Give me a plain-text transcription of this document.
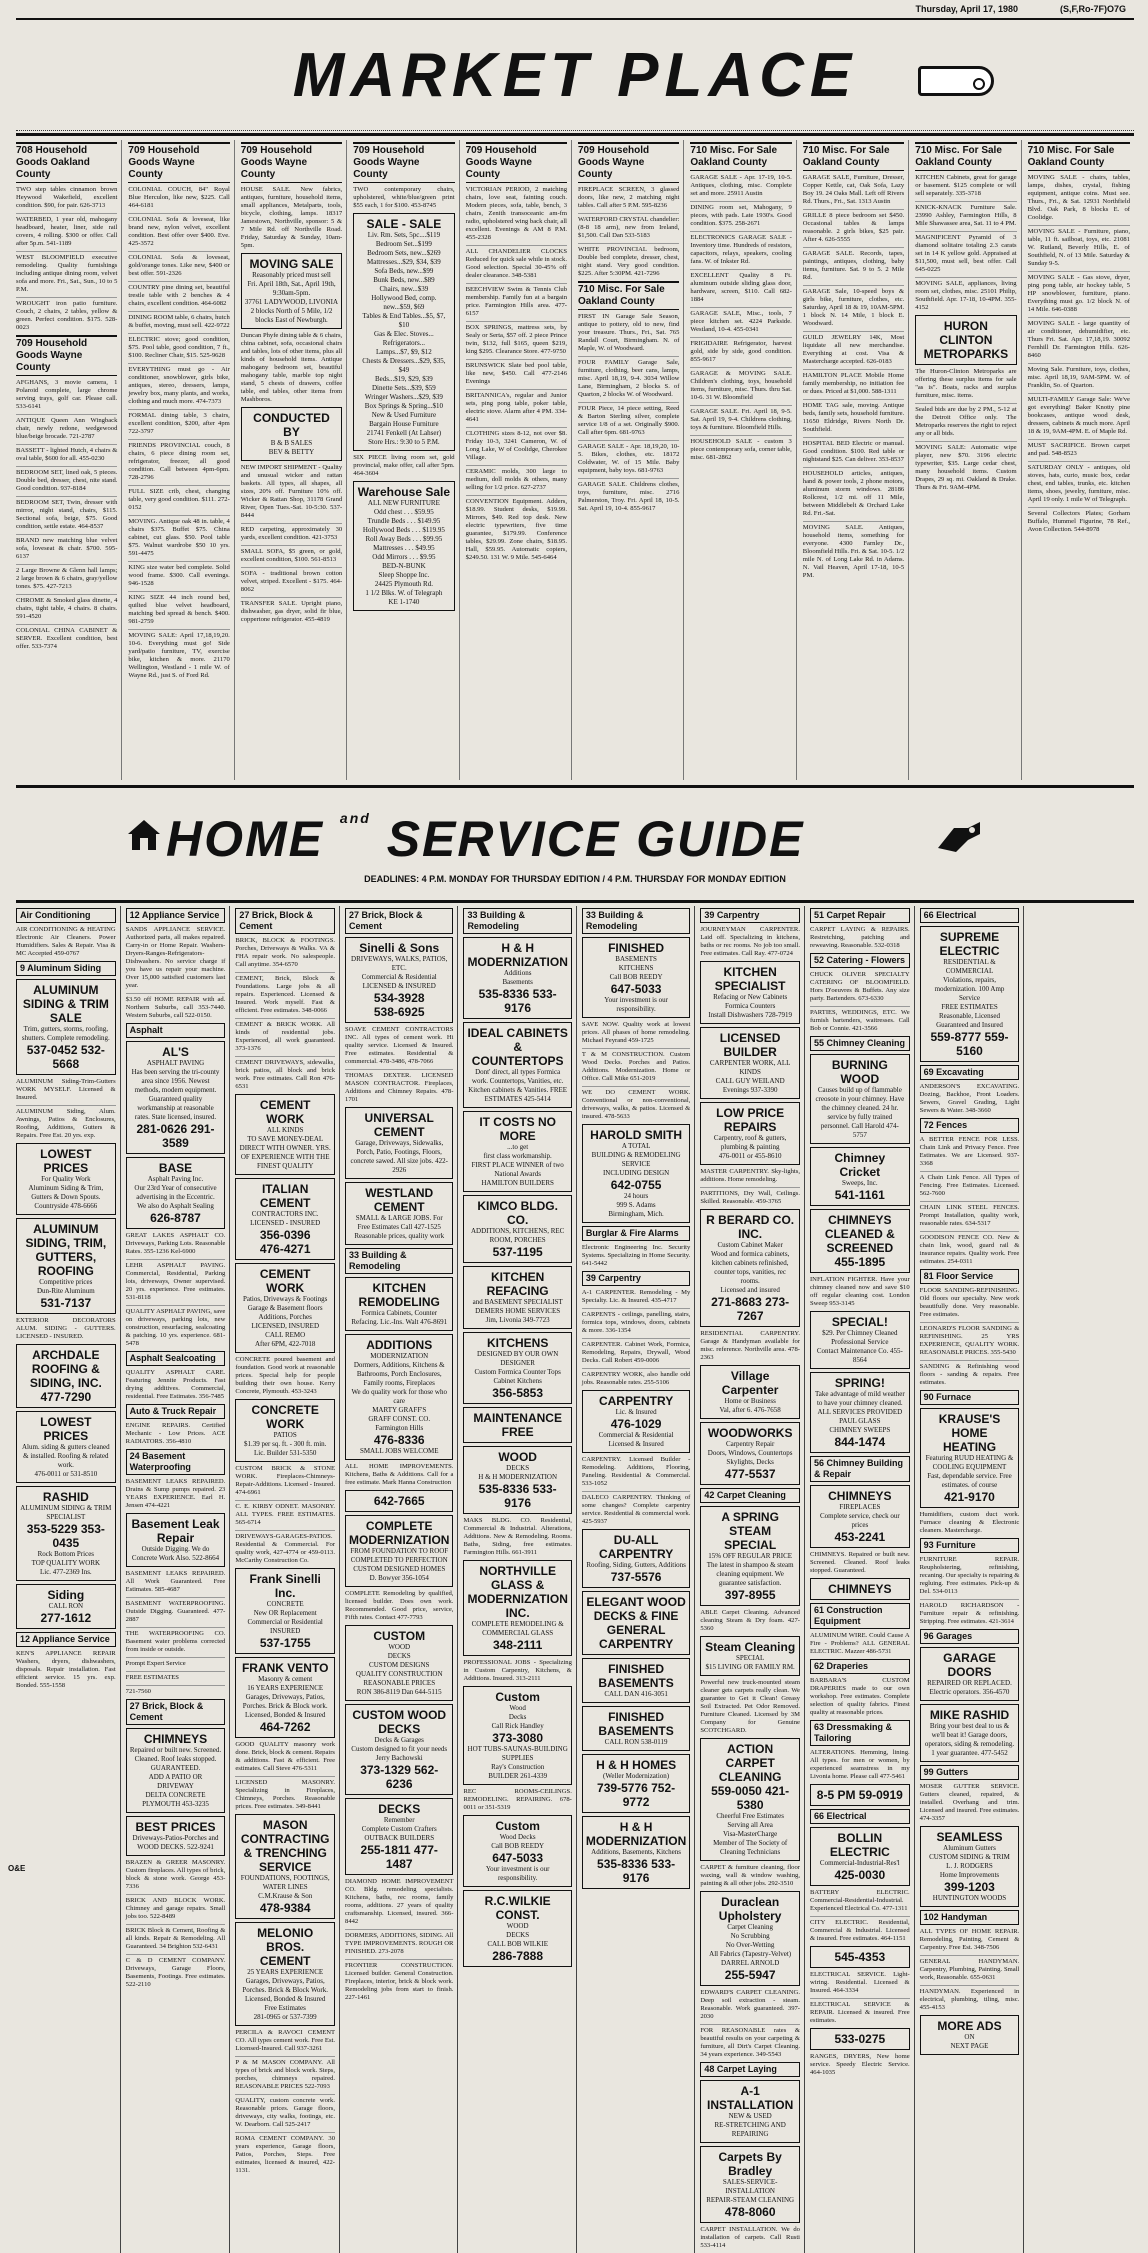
Thursday, April 17, 1980	(S,F,Ro-7F)O7G
MARKET PLACE
708 Household Goods Oakland County
TWO step tables cinnamon brown Heywood Wakefield, excellent condition. $90, for pair. 626-3713
WATERBED, 1 year old, mahogany headboard, heater, liner, side rail covers, 4 rolling. $300 or offer. Call after 5p.m. 541-1189
WEST BLOOMFIELD executive remodeling. Quality furnishings including antique dining room, velvet sofa and more. Fri., Sat., Sun., 10 to 5 P.M.
WROUGHT iron patio furniture. Couch, 2 chairs, 2 tables, yellow & green. Perfect condition. $175. 528-0023
709 Household Goods Wayne County
AFGHANS, 3 movie camera, 1 Polaroid complete, large chrome serving trays, golf car. Please call. 533-6141
ANTIQUE Queen Ann Wingback chair, newly redone, wedgewood blue/beige brocade. 721-2787
BASSETT - lighted Hutch, 4 chairs & oval table, $600 for all. 455-0230
BEDROOM SET, lined oak, 5 pieces. Double bed, dresser, chest, nite stand. Good condition. 937-8184
BEDROOM SET, Twin, dresser with mirror, night stand, chairs, $115. Sectional sofa, beige, $75. Good condition, settle estate. 464-8537
BRAND new matching blue velvet sofa, loveseat & chair. $700. 595-6137
2 Large Browne & Glenn hall lamps; 2 large brown & 6 chairs, gray/yellow tones. $75. 427-7213
CHROME & Smoked glass dinette, 4 chairs, tight table, 4 chairs. 8 chairs. 591-4520
COLONIAL CHINA CABINET & SERVER. Excellent condition, best offer. 533-7374
709 Household Goods Wayne County
COLONIAL COUCH, 84" Royal Blue Herculon, like new, $225. Call 464-6181
COLONIAL Sofa & loveseat, like brand new, nylon velvet, excellent condition. Best offer over $400. Eve. 425-3572
COLONIAL Sofa & loveseat, gold/orange tones. Like new, $400 or best offer. 591-2326
COUNTRY pine dining set, beautiful trestle table with 2 benches & 4 chairs, excellent condition. 464-6082
DINING ROOM table, 6 chairs, hutch & buffet, moving, must sell. 422-9722
ELECTRIC stove; good condition, $75. Pool table, good condition, 7 ft., $100. Recliner Chair, $15. 525-9628
EVERYTHING must go - Air conditioner, snowblower, girls bike, antiques, stereo, dressers, lamps, jewelry box, many plants, and works, clothing and much more. 474-7373
FORMAL dining table, 3 chairs, excellent condition, $200, after 4pm 722-3797
FRIENDS PROVINCIAL couch, 8 chairs, 6 piece dining room set, refrigerator, freezer, all good condition. Call between 4pm-6pm. 728-2796
FULL SIZE crib, chest, changing table, very good condition. $111. 272-0152
MOVING. Antique oak 48 in. table, 4 chairs $375. Buffet $75. China cabinet, cut glass. $50. Pool table $75. Walnut wardrobe $50 10 yrs. 591-4475
KING size water bed complete. Solid wood frame. $300. Call evenings. 946-1528
KING SIZE 44 inch round bed, quilted blue velvet headboard, matching bed spread & bench. $400. 981-2759
MOVING SALE: April 17,18,19,20. 10-6. Everything must go! Side yard/patio furniture, TV, exercise bike, kitchen & more. 21170 Wellington, Westland - 1 mile W. of Wayne Rd., just S. of Ford Rd.
709 Household Goods Wayne County
HOUSE SALE. New fabrics, antiques, furniture, household items, small appliances, Metalparts, tools, bicycle, clothing, lamps. 18317 Jamestown, Northville, sponsor: 5 & 7 Mile Rd. off Northville Road. Friday, Saturday & Sunday, 10am-5pm.
MOVING SALE
Reasonably priced must sell
Fri. April 18th, Sat., April 19th, 9:30am-5pm.
37761 LADYWOOD, LIVONIA
2 blocks North of 5 Mile, 1/2 blocks East of Newburgh.
Duncan Phyfe dining table & 6 chairs, china cabinet, sofa, occasional chairs and tables, lots of other items, plus all kinds of household items. Antique mahogany bedroom set, beautiful mahogany table, marble top night stand, 5 chests of drawers, coffee table, end tables, other items from Mashboros.
CONDUCTED BY
B & B SALES
BEV & BETTY
NEW IMPORT SHIPMENT - Quality and unusual wicker and rattan baskets. All types, all shapes, all sizes, 20% off. Furniture 10% off. Wicker & Rattan Shop, 31178 Grand River, Open Tues.-Sat. 10-5:30. 537-8444
RED carpeting, approximately 30 yards, excellent condition. 421-3753
SMALL SOFA, $5 green, or gold, excellent condition, $100. 561-8513
SOFA - traditional brown cotton velvet, striped. Excellent - $175. 464-8062
TRANSFER SALE. Upright piano, dishwasher, gas dryer, solid fir blue, coppertone refrigerator. 455-4819
709 Household Goods Wayne County
TWO contemporary chairs, upholstered, white/blue/green print $55 each, 1 for $100. 453-8745
SALE - SALE
Liv. Rm. Sets, 5pc....$119
Bedroom Set...$199
Bedroom Sets, new...$269
Mattresses...$29, $34, $39
Sofa Beds, new...$99
Bunk Beds, new...$89
Chairs, new...$39
Hollywood Bed, comp. new...$59, $69
Tables & End Tables...$5, $7, $10
Gas & Elec. Stoves...
Refrigerators...
Lamps...$7, $9, $12
Chests & Dressers...$29, $35, $49
Beds...$19, $29, $39
Dinette Sets...$39, $59
Wringer Washers...$29, $39
Box Springs & Spring...$10
New & Used Furniture
Bargain House Furniture
21741 Fenkell (At Lahser)
Store Hrs.: 9:30 to 5 P.M.
SIX PIECE living room set, gold provincial, make offer, call after 5pm. 464-3604
Warehouse Sale
ALL NEW FURNITURE
Odd chest . . . $59.95
Trundle Beds . . . $149.95
Hollywood Beds . . . $119.95
Roll Away Beds . . . $99.95
Mattresses . . . $49.95
Odd Mirrors . . . $9.95
BED-N-BUNK
Sleep Shoppe Inc.
24425 Plymouth Rd.
1 1/2 Blks. W. of Telegraph
KE 1-1740
709 Household Goods Wayne County
VICTORIAN PERIOD, 2 matching chairs, love seat, fainting couch. Modern pieces, sofa, table, bench, 3 chairs, Zenith transoceanic am-fm radio, upholstered wing back chair, all excellent. Evenings & AM 8 P.M. 455-2328
ALL CHANDELIER CLOCKS Reduced for quick sale while in stock. Good selection. Special 30-45% off dealer clearance. 348-5381
BEECHVIEW Swim & Tennis Club membership. Family fun at a bargain price. Farmington Hills area. 477-6157
BOX SPRINGS, mattress sets, by Sealy or Serta, $57 off. 2 piece Prince twin, $132, full $165, queen $219, king $295. Clearance Store. 477-9750
BRUNSWICK Slate bed pool table, like new, $450. Call 477-2146 Evenings
BRITANNICA's, regular and Junior sets, ping pong table, poker table, electric stove. Alarm after 4 PM. 334-4641
CLOTHING sizes 8-12, not over $8. Friday 10-3, 3241 Cameron, W. of Long Lake, W of Coolidge, Cherokee Village.
CERAMIC molds, 300 large to medium, doll molds & others, many selling for 1/2 price. 627-2737
CONVENTION Equipment. Adders, $18.99. Student desks, $19.99. Mirrors, $49. Red top desk. New electric typewriters, five time guarantee, $179.99. Conference tables, $29.99. Zone chairs, $18.95. Hall, $59.95. Automatic copiers, $249.50. 131 W. 9 Mile. 545-6464
709 Household Goods Wayne County
FIREPLACE SCREEN, 3 glassed doors, like new, 2 matching night tables. Call after 5 P.M. 595-8236
WATERFORD CRYSTAL chandelier: (8-8 18 arm), new from Ireland, $1,500. Call Dan 533-5183
WHITE PROVINCIAL bedroom, Double bed complete, dresser, chest, night stand. Very good condition. $225. After 5:30PM. 421-7296
710 Misc. For Sale Oakland County
FIRST IN Garage Sale Season, antique to pottery, old to new, find your treasure. Thurs., Fri., Sat. 765 Randall Court, Birmingham. N. of Maple, W. of Woodward.
FOUR FAMILY Garage Sale, furniture, clothing, beer cans, lamps, misc. April 18,19, 9-4. 3034 Willow Lane, Birmingham, 2 blocks S. of Quarton, 2 blocks W. of Woodward.
FOUR Piece, 14 piece setting, Reed & Barton Sterling silver, complete service 1/8 of a set. Originally $900. Call after 6pm. 681-9763
GARAGE SALE - Apr. 18,19,20, 10-5. Bikes, clothes, etc. 18172 Coldwater, W. of 15 Mile. Baby equipment, baby toys. 681-9763
GARAGE SALE. Childrens clothes, toys, furniture, misc. 2716 Palmerston, Troy. Fri. April 18, 10-5. Sat. April 19, 10-4. 855-9617
710 Misc. For Sale Oakland County
GARAGE SALE - Apr. 17-19, 10-5. Antiques, clothing, misc. Complete set and more. 25911 Austin
DINING room set, Mahogany, 9 pieces, with pads. Late 1930's. Good condition. $375. 258-2671
ELECTRONICS GARAGE SALE - Inventory time. Hundreds of resistors, capacitors, relays, speakers, cooling fans. W. of Inkster Rd.
EXCELLENT Quality 8 Ft. aluminum outside sliding glass door, hardware, screen, $110. Call 682-1884
GARAGE SALE, Misc., tools, 7 piece kitchen set. 4224 Parkside. Westland, 10-4. 455-0341
FRIGIDAIRE Refrigerator, harvest gold, side by side, good condition. 855-9617
GARAGE & MOVING SALE. Children's clothing, toys, household items, furniture, misc. Thurs. thru Sat. 10-6. 31 W. Bloomfield
GARAGE SALE. Fri. April 18, 9-5. Sat. April 19, 9-4. Childrens clothing, toys & furniture. Bloomfield Hills.
HOUSEHOLD SALE - custom 3 piece contemporary sofa, corner table, misc. 681-2862
710 Misc. For Sale Oakland County
GARAGE SALE, Furniture, Dresser, Copper Kettle, cat, Oak Sofa, Lazy Boy 19. 24 Oaks Mall. Left off Rivers Rd. Thurs., Fri., Sat. 1313 Austin
GRILLE 8 piece bedroom set $450. Occasional tables & lamps reasonable. 2 girls bikes, $25 pair. After 4. 626-5555
GARAGE SALE. Records, tapes, paintings, antiques, clothing, baby items, furniture. Sat. 9 to 5. 2 Mile Rd.
GARAGE Sale, 10-speed boys & girls bike, furniture, clothes, etc. Saturday, April 18 & 19, 10AM-5PM. 1 block N. 14 Mile, 1 block E. Woodward.
GUILD JEWELRY 14K, Most liquidate all new merchandise. Everything at cost. Visa & Mastercharge accepted. 626-0183
HAMILTON PLACE Mobile Home family membership, no initiation fee or dues. Priced at $1,000. 588-1311
HOME TAG sale, moving. Antique beds, family sets, household furniture. 11650 Eldridge, Rivers North Dr. Southfield.
HOSPITAL BED Electric or manual. Good condition. $100. Red table or nightstand $25. Can deliver. 353-8537
HOUSEHOLD articles, antiques, hand & power tools, 2 phone motors, aluminum storm windows. 28186 Rollcrest, 1/2 mi. off 11 Mile, between Middlebelt & Orchard Lake Rd. Fri.-Sat.
MOVING SALE. Antiques, household items, something for everyone. 4300 Farnley Dr., Bloomfield Hills. Fri. & Sat. 10-5. 1/2 mile N. of Long Lake Rd. in Adams. N. Vail Heaven, April 17-18, 10-5 PM.
710 Misc. For Sale Oakland County
KITCHEN Cabinets, great for garage or basement. $125 complete or will sell separately. 335-3718
KNICK-KNACK Furniture Sale. 23990 Ashley, Farmington Hills, 8 Mile Shawassee area, Sat. 11 to 4 PM.
MAGNIFICENT Pyramid of 3 diamond solitaire totaling 2.3 carats set in 14 K yellow gold. Appraised at $11,500, must sell, best offer. Call 645-0225
MOVING SALE, appliances, living room set, clothes, misc. 25101 Philip, Southfield. Apr. 17-18, 10-4PM. 355-4152
HURON CLINTON METROPARKS
The Huron-Clinton Metroparks are offering these surplus items for sale "as is". Boats, racks and surplus furniture, misc. items.
Sealed bids are due by 2 PM., 5-12 at the Detroit Office only. The Metroparks reserves the right to reject any or all bids.
MOVING SALE: Automatic wipe player, new $70. 3196 electric typewriter, $35. Large cedar chest, many household items. Custom Drapes, 29 sq. mi. Oakland & Drake. Thurs & Fri. 9AM-4PM.
710 Misc. For Sale Oakland County
MOVING SALE - chairs, tables, lamps, dishes, crystal, fishing equipment, antique coins. Must see. Thurs., Fri., & Sat. 12931 Northfield Blvd. Oak Park, 8 blocks E. of Coolidge.
MOVING SALE - Furniture, piano, table, 11 ft. sailboat, toys, etc. 21081 W. Rutland, Beverly Hills, E. of Southfield, N. of 13 Mile. Saturday & Sunday 9-5.
MOVING SALE - Gas stove, dryer, ping pong table, air hockey table, 5 HP snowblower, furniture, piano. Everything must go. 1/2 block N. of 14 Mile. 646-0388
MOVING SALE - large quantity of air conditioner, dehumidifier, etc. Thurs Fri. Sat. Apr. 17,18,19. 30092 Fernhill Dr. Farmington Hills. 626-8460
Moving Sale. Furniture, toys, clothes, misc. April 18,19, 9AM-5PM. W. of Franklin, So. of Quarton.
MULTI-FAMILY Garage Sale: We've got everything! Baker Knotty pine bookcases, antique wood desk, dressers, cabinets & much more. April 18 & 19, 9AM-4PM. E. of Maple Rd.
MUST SACRIFICE. Brown carpet and pad. 548-8523
SATURDAY ONLY - antiques, old stoves, hats, curio, music box, cedar chest, end tables, trunks, etc. kitchen items, shoes, jewelry, furniture, misc. April 19 only. 1 mile W of Telegraph.
Several Collectors Plates; Gorham Buffalo, Hummel Figurine, 78 Ref., Avon Collection. 544-8978
HOME $^{and}$ SERVICE GUIDE
DEADLINES: 4 P.M. MONDAY FOR THURSDAY EDITION / 4 P.M. THURSDAY FOR MONDAY EDITION
Air Conditioning
AIR CONDITIONING & HEATING Electronic Air Cleaners. Power Humidifiers. Sales & Repair. Visa & MC Accepted 459-0767
9 Aluminum Siding
ALUMINUM SIDING & TRIM SALE
Trim, gutters, storms, roofing, shutters. Complete remodeling.
537-0452 532-5668
ALUMINUM Siding-Trim-Gutters WORK MYSELF. Licensed & Insured.
ALUMINUM Siding, Alum. Awnings, Patios & Enclosures, Roofing, Additions, Gutters & Repairs. Free Est. 20 yrs. exp.
LOWEST PRICES
For Quality Work
Aluminum Siding & Trim, Gutters & Down Spouts. Countryside 478-6666
ALUMINUM SIDING, TRIM, GUTTERS, ROOFING
Competitive prices
Dun-Rite Aluminum
531-7137
EXTERIOR DECORATORS ALUM. SIDING - GUTTERS. LICENSED - INSURED.
ARCHDALE ROOFING & SIDING, INC.
477-7290
LOWEST PRICES
Alum. siding & gutters cleaned & installed. Roofing & related work.
476-0011 or 531-8510
RASHID
ALUMINUM SIDING & TRIM SPECIALIST
353-5229 353-0435
Rock Bottom Prices
TOP QUALITY WORK
Lic. 477-2369 Ins.
Siding
CALL RON
277-1612
12 Appliance Service
KEN'S APPLIANCE REPAIR Washers, dryers, dishwashers, disposals. Repair installation. Fast efficient service. 15 yrs. exp. Bonded. 555-1558
12 Appliance Service
SANDS APPLIANCE SERVICE. Authorized parts, all makes repaired. Carry-in or Home Repair. Washers-Dryers-Ranges-Refrigerators-Dishwashers. No service charge if you have us repair your machine. Over 15,000 satisfied customers last year.
$3.50 off HOME REPAIR with ad. Northern Suburbs, call 353-7440. Western Suburbs, call 522-0150.
Asphalt
AL'S
ASPHALT PAVING
Has been serving the tri-county area since 1956. Newest methods, modern equipment. Guaranteed quality workmanship at reasonable rates. State licensed, insured.
281-0626 291-3589
BASE
Asphalt Paving Inc.
Our 23rd Year of consecutive advertising in the Eccentric.
We also do Asphalt Sealing
626-8787
GREAT LAKES ASPHALT CO. Driveways, Parking Lots. Reasonable Rates. 355-1236 Kel-6900
LEHR ASPHALT PAVING. Commercial, Residential, Parking lots, driveways, Owner supervised. 20 yrs. experience. Free estimates. 531-8118
QUALITY ASPHALT PAVING, save on driveways, parking lots, new construction, resurfacing, sealcoating & patching. 10 yrs. experience. 681-5478
Asphalt Sealcoating
QUALITY ASPHALT CARE. Featuring Jennite Products. Fast drying additives. Commercial, residential. Free Estimates. 356-7485
Auto & Truck Repair
ENGINE REPAIRS. Certified Mechanic - Low Prices. ACE RADIATORS. 356-4810
24 Basement Waterproofing
BASEMENT LEAKS REPAIRED. Drains & Sump pumps repaired. 23 YEARS EXPERIENCE. Earl H. Jensen 474-4221
Basement Leak Repair
Outside Digging. We do Concrete Work Also. 522-8664
BASEMENT LEAKS REPAIRED. All Work Guaranteed. Free Estimates. 585-4687
BASEMENT WATERPROOFING. Outside Digging. Guaranteed. 477-2887
THE WATERPROOFING CO. Basement water problems corrected from inside or outside.
Prompt Expert Service
FREE ESTIMATES
721-7560
27 Brick, Block & Cement
CHIMNEYS
Repaired or built new. Screened. Cleaned. Roof leaks stopped. GUARANTEED.
ADD A PATIO OR DRIVEWAY
DELTA CONCRETE
PLYMOUTH 453-3235
BEST PRICES
Driveways-Patios-Porches and WOOD DECKS. 522-9241
BRAZEN & GREER MASONRY. Custom fireplaces. All types of brick, block & stone work. George 453-7336
BRICK AND BLOCK WORK. Chimney and garage repairs. Small jobs too. 522-8489
BRICK Block & Cement, Roofing & all kinds. Repair & Remodeling. All Guaranteed. 34 Brighton 532-6431
C & D CEMENT COMPANY. Driveways, Garage Floors, Basements, Footings. Free estimates. 522-2110
27 Brick, Block & Cement
BRICK, BLOCK & FOOTINGS. Porches, Driveways & Walks. VA & FHA repair work. No salespeople. Call anytime. 354-6570
CEMENT, Brick, Block & Foundations. Large jobs & all repairs. Experienced. Licensed & Insured. Work myself. Fast & efficient. Free estimates. 348-0066
CEMENT & BRICK WORK. All kinds of residential jobs. Experienced, all work guaranteed. 373-1376
CEMENT DRIVEWAYS, sidewalks, brick patios, all block and brick work. Free estimates. Call Ron 476-6531
CEMENT WORK
ALL KINDS
TO SAVE MONEY-DEAL DIRECT WITH OWNER. YRS. OF EXPERIENCE WITH THE FINEST QUALITY
ITALIAN CEMENT
CONTRACTORS INC.
LICENSED - INSURED
356-0396
476-4271
CEMENT WORK
Patios, Driveways & Footings
Garage & Basement floors
Additions, Porches
LICENSED, INSURED
CALL REMO
After 6PM, 422-7018
CONCRETE poured basement and foundation. Good work at reasonable prices. Special help for people building their own house. Kerry Concrete, Plymouth. 453-3243
CONCRETE WORK
PATIOS
$1.39 per sq. ft. - 300 ft. min.
Lic. Builder 531-5350
CUSTOM BRICK & STONE WORK. Fireplaces-Chimneys-Repair-Additions. Licensed - Insured. 474-6961
C. E. KIRBY ODNET. MASONRY. ALL TYPES. FREE ESTIMATES. 565-6714
DRIVEWAYS-GARAGES-PATIOS. Residential & Commercial. For quality work, 427-4774 or 459-0113. McCarthy Construction Co.
Frank Sinelli Inc.
CONCRETE
New OR Replacement
Commercial or Residential
INSURED
537-1755
FRANK VENTO
Masonry & cement
16 YEARS EXPERIENCE
Garages, Driveways, Patios, Porches. Brick & Block work. Licensed, Bonded & Insured
464-7262
GOOD QUALITY masonry work done. Brick, block & cement. Repairs & additions. Fast & efficient. Free estimates. Call Steve 476-5311
LICENSED MASONRY. Specializing in Fireplaces, Chimneys, Porches. Reasonable prices. Free estimates. 349-8441
MASON CONTRACTING & TRENCHING SERVICE
FOUNDATIONS, FOOTINGS, WATER LINES
C.M.Krause & Son
478-9384
MELONIO BROS. CEMENT
25 YEARS EXPERIENCE
Garages, Driveways, Patios, Porches. Brick & Block Work. Licensed, Bonded & Insured
Free Estimates
281-0965 or 537-7399
PERCILA & RAVOCI CEMENT CO. All types cement work. Free Est. Licensed-Insured. Call 937-3261
P & M MASON COMPANY. All types of brick and block work. Steps, porches, chimneys repaired. REASONABLE PRICES 522-7093
QUALITY, custom concrete work. Reasonable prices. Garage floors, driveways, city walks, footings, etc. W. Dearborn. Call 525-2417
ROMA CEMENT COMPANY. 30 years experience, Garage floors, Patios, Porches, Steps. Free estimates, licensed & insured, 422-1131.
27 Brick, Block & Cement
Sinelli & Sons
DRIVEWAYS, WALKS, PATIOS, ETC.
Commercial & Residential LICENSED & INSURED
534-3928
538-6925
SOAVE CEMENT CONTRACTORS INC. All types of cement work. Hi quality service. Licensed & Insured. Free estimates. Residential & commercial. 478-3486, 478-7066
THOMAS DEXTER. LICENSED MASON CONTRACTOR. Fireplaces, Additions and Chimney Repairs. 478-1701
UNIVERSAL CEMENT
Garage, Driveways, Sidewalks, Porch, Patio, Footings, Floors, concrete sawed. All size jobs. 422-2926
WESTLAND CEMENT
SMALL & LARGE JOBS. For Free Estimates Call 427-1525
Reasonable prices, quality work
33 Building & Remodeling
KITCHEN REMODELING
Formica Cabinets, Counter Refacing. Lic.-Ins. Walt 476-8691
ADDITIONS
MODERNIZATION
Dormers, Additions, Kitchens & Bathrooms, Porch Enclosures, Family rooms, Fireplaces
We do quality work for those who care
MARTY GRAFF'S
GRAFF CONST. CO.
Farmington Hills
476-8336
SMALL JOBS WELCOME
ALL HOME IMPROVEMENTS. Kitchens, Baths & Additions. Call for a free estimate. Mark Hanna Construction
642-7665
COMPLETE MODERNIZATION
FROM FOUNDATION TO ROOF
COMPLETED TO PERFECTION
CUSTOM DESIGNED HOMES
D. Bowyer 356-1054
COMPLETE Remodeling by qualified, licensed builder. Does own work. Recommended. Good price, service, Fifth rates. Contact 477-7793
CUSTOM
WOOD
DECKS
CUSTOM DESIGNS
QUALITY CONSTRUCTION
REASONABLE PRICES
RON 386-8119 Dan 644-5115
CUSTOM WOOD DECKS
Decks & Garages
Custom designed to fit your needs
Jerry Bachowski
373-1329 562-6236
DECKS
Remember
Complete Custom Crafters
OUTBACK BUILDERS
255-1811 477-1487
DIAMOND HOME IMPROVEMENT CO. Bldg. remodeling specialists. Kitchens, baths, rec rooms, family rooms, additions. 27 years of quality craftsmanship. Licensed, insured. 366-8442
DORMERS, ADDITIONS, SIDING. All TYPE IMPROVEMENTS. ROUGH OR FINISHED. 273-2078
FRONTIER CONSTRUCTION. Licensed builder. General Construction. Fireplaces, interior, brick & block work. Remodeling jobs from start to finish. 227-1461
33 Building & Remodeling
H & H MODERNIZATION
Additions
Basements
535-8336 533-9176
IDEAL CABINETS & COUNTERTOPS
Dont' direct, all types Formica work. Countertops, Vanities, etc. Kitchen cabinets & Vanities. FREE ESTIMATES 425-5414
IT COSTS NO MORE
...to get
first class workmanship.
FIRST PLACE WINNER of two National Awards
HAMILTON BUILDERS
KIMCO BLDG. CO.
ADDITIONS, KITCHENS, REC ROOM, PORCHES
537-1195
KITCHEN REFACING
and BASEMENT SPECIALIST
DEMERS HOME SERVICES
Jim, Livonia 349-7723
KITCHENS
DESIGNED BY OUR OWN DESIGNER
Custom Formica Counter Tops
Cabinet Kitchens
356-5853
MAINTENANCE FREE
WOOD
DECKS
H & H MODERNIZATION
535-8336 533-9176
MAKS BLDG. CO. Residential, Commercial & Industrial. Alterations, Additions. New & Remodeling. Rooms. Baths, Siding, free estimates. Farmington Hills. 661-3911
NORTHVILLE GLASS & MODERNIZATION INC.
COMPLETE REMODELING & COMMERCIAL GLASS
348-2111
PROFESSIONAL JOBS - Specializing in Custom Carpentry, Kitchens, & Additions. Insured. 313-2111
Custom
Wood
Decks
Call Rick Handley
373-3080
HOT TUBS-SAUNAS-BUILDING SUPPLIES
Ray's Construction
BUILDER 261-4339
REC ROOMS-CEILINGS. REMODELING. REPAIRING. 678-0011 or 351-5319
Custom
Wood Decks
Call BOB REEDY
647-5033
Your investment is our responsibility.
R.C.WILKIE CONST.
WOOD
DECKS
CALL BOB WILKIE
286-7888
33 Building & Remodeling
FINISHED
BASEMENTS
KITCHENS
Call BOB REEDY
647-5033
Your investment is our responsibility.
SAVE NOW. Quality work at lowest prices. All phases of home remodeling. Michael Feyrand 459-1725
T & M CONSTRUCTION. Custom Wood Decks. Porches and Patios. Additions. Modernization. Home or Office. Call Mike 651-2019
WE DO CEMENT WORK. Conventional or non-conventional, driveways, walks, & patios. Licensed & insured. 478-5633
HAROLD SMITH
A TOTAL
BUILDING & REMODELING SERVICE
INCLUDING DESIGN
642-0755
24 hours
999 S. Adams
Birmingham, Mich.
Burglar & Fire Alarms
Electronic Engineering Inc. Security Systems. Specializing in Home Security. 641-5442
39 Carpentry
A-1 CARPENTER. Remodeling - My Specialty. Lic. & Insured. 435-4717
CARPENTS - ceilings, panelling, stairs, formica tops, windows, doors, cabinets & more. 336-1354
CARPENTER. Cabinet Work, Formica, Remodeling, Repairs, Drywall, Wood Decks. Call Robert 459-0006
CARPENTRY WORK, also handle odd jobs. Reasonable rates. 255-5106
CARPENTRY
Lic. & Insured
476-1029
Commercial & Residential
Licensed & Insured
CARPENTRY. Licensed Builder - Remodeling. Additions, Flooring, Paneling. Residential & Commercial. 533-1052
DALECO CARPENTRY. Thinking of some changes? Complete carpentry service. Residential & commercial work. 425-5937
DU-ALL CARPENTRY
Roofing, Siding, Gutters, Additions
737-5576
ELEGANT WOOD DECKS & FINE GENERAL CARPENTRY
FINISHED BASEMENTS
CALL DAN 416-3051
FINISHED BASEMENTS
CALL RON 538-0119
H & H HOMES
(Weller Modernization)
739-5776 752-9772
H & H MODERNIZATION
Additions, Basements, Kitchens
535-8336 533-9176
39 Carpentry
JOURNEYMAN CARPENTER. Laid off. Specializing in kitchens, baths or rec rooms. No job too small. Free estimates. Call Ray. 477-0724
KITCHEN SPECIALIST
Refacing or New Cabinets
Formica Counters
Install Dishwashers 728-7919
LICENSED BUILDER
CARPENTER WORK, ALL KINDS
CALL GUY WEILAND
Evenings 937-3390
LOW PRICE REPAIRS
Carpentry, roof & gutters, plumbing & painting
476-0011 or 455-8610
MASTER CARPENTRY. Sky-lights, additions. Home remodeling.
PARTITIONS, Dry Wall, Ceilings. Skilled. Reasonable. 459-3765
R BERARD CO. INC.
Custom Cabinet Maker
Wood and formica cabinets, kitchen cabinets refinished, counter tops, vanities, rec rooms.
Licensed and insured
271-8683 273-7267
RESIDENTIAL CARPENTRY. Garage & Handyman available for misc. reference. Northville area. 478-2363
Village Carpenter
Home or Business
Val, after 6. 476-7658
WOODWORKS
Carpentry Repair
Doors, Windows, Countertops
Skylights, Decks
477-5537
42 Carpet Cleaning
A SPRING STEAM SPECIAL
15% OFF REGULAR PRICE
The latest in shampoo & steam cleaning equipment. We guarantee satisfaction.
397-8955
ABLE Carpet Cleaning. Advanced cleaning Steam & Dry foam. 427-5360
Steam Cleaning
SPECIAL
$15 LIVING OR FAMILY RM.
Powerful new truck-mounted steam cleaner gets carpets really clean. We guarantee to Get it Clean! Greasy Soil Extracted. Pet Odor Removed. Furniture Cleaned. Licensed by 3M Company for Genuine SCOTCHGARD.
ACTION CARPET CLEANING
559-0050 421-5380
Cheerful Free Estimates
Serving all Area
Visa-MasterCharge
Member of The Society of Cleaning Technicians
CARPET & furniture cleaning, floor waxing, wall & window washing, painting & all other jobs. 292-3510
Duraclean Upholstery
Carpet Cleaning
No Scrubbing
No Over-Wetting
All Fabrics (Tapestry-Velvet)
DARREL ARNOLD
255-5947
EDWARD'S CARPET CLEANING. Deep soil extraction - steam. Reasonable. Work guaranteed. 397-2030
FOR REASONABLE rates & beautiful results on your carpeting & furniture, all Dirt's Carpet Cleaning. 34 years experience. 349-5543
48 Carpet Laying
A-1 INSTALLATION
NEW & USED
RE-STRETCHING AND REPAIRING
Carpets By Bradley
SALES-SERVICE-INSTALLATION
REPAIR-STEAM CLEANING
478-8060
CARPET INSTALLATION. We do installation of carpets. Call Rusti 533-4114
51 Carpet Repair
CARPET LAYING & REPAIRS. Restretching, patching and reweaving. Reasonable. 532-0318
52 Catering - Flowers
CHUCK OLIVER SPECIALTY CATERING OF BLOOMFIELD. Hors D'oeuvres & Buffets. Any size party. Bartenders. 673-6330
PARTIES, WEDDINGS, ETC. We furnish bartenders, waitresses. Call Bob or Connie. 421-3566
55 Chimney Cleaning
BURNING WOOD
Causes build up of flammable creosote in your chimney. Have the chimney cleaned. 24 hr. service by fully trained personnel. Call Harold 474-5757
Chimney Cricket
Sweeps, Inc.
541-1161
CHIMNEYS CLEANED & SCREENED
455-1895
INFLATION FIGHTER. Have your chimney cleaned now and save $10 off regular cleaning cost. London Sweep 953-3145
SPECIAL!
$29. Per Chimney Cleaned
Professional Service
Contact Maintenance Co. 455-8564
SPRING!
Take advantage of mild weather to have your chimney cleaned.
ALL SERVICES PROVIDED
PAUL GLASS
CHIMNEY SWEEPS
844-1474
56 Chimney Building & Repair
CHIMNEYS
FIREPLACES
Complete service, check our prices
453-2241
CHIMNEYS. Repaired or built new. Screened. Cleaned. Roof leaks stopped. Guaranteed.
CHIMNEYS
61 Construction Equipment
ALUMINUM WIRE. Could Cause A Fire - Problems? ALL GENERAL ELECTRIC. Mazzer 486-5731
62 Draperies
BARBARA'S CUSTOM DRAPERIES made to our own workshop. Free estimates. Complete selection of quality fabrics. Finest quality at reasonable prices.
63 Dressmaking & Tailoring
ALTERATIONS. Hemming, lining. All types. for men or women, by experienced seamstress in my Livonia home. Please call 477-5461
8-5 PM 59-0919
66 Electrical
BOLLIN ELECTRIC
Commercial-Industrial-Res'l
425-0030
BATTERY ELECTRIC. Commercial-Residential-Industrial. Experienced Electrical Co. 477-1311
CITY ELECTRIC. Residential, Commercial & Industrial. Licensed & insured. Free estimates. 464-1151
545-4353
ELECTRICAL SERVICE. Light-wiring. Residential. Licensed & Insured. 464-3334
ELECTRICAL SERVICE & REPAIR. Licensed & insured. Free estimates.
533-0275
RANGES, DRYERS, New home service. Speedy Electric Service. 464-1035
66 Electrical
SUPREME ELECTRIC
RESIDENTIAL & COMMERCIAL
Violations, repairs, modernization. 100 Amp Service
FREE ESTIMATES
Reasonable, Licensed Guaranteed and Insured
559-8777 559-5160
69 Excavating
ANDERSON'S EXCAVATING. Dozing, Backhoe, Front Loaders. Sewers, Gravel Grading, Light Sewers & Water. 348-3660
72 Fences
A BETTER FENCE FOR LESS. Chain Link and Privacy Fence. Free Estimates. We are Licensed. 937-3368
A Chain Link Fence. All Types of Fencing. Free Estimates. Licensed. 562-7600
CHAIN LINK STEEL FENCES. Prompt Installation, quality work, reasonable rates. 634-5317
GOODISON FENCE CO. New & chain link, wood, guard rail & insurance repairs. Quality work. Free estimates. 254-0311
81 Floor Service
FLOOR SANDING-REFINISHING. Old floors our specialty. New work beautifully done. Very reasonable. Free estimates.
LEONARD'S FLOOR SANDING & REFINISHING. 25 YRS EXPERIENCE, QUALITY WORK. REASONABLE PRICES. 355-5430
SANDING & Refinishing wood floors - sanding & repairs. Free estimates.
90 Furnace
KRAUSE'S HOME HEATING
Featuring RUUD HEATING & COOLING EQUIPMENT
Fast, dependable service. Free estimates. of course
421-9170
Humidifiers, custom duct work. Furnace cleaning & Electronic cleaners. Mastercharge.
93 Furniture
FURNITURE REPAIR. Reupholstering, refinishing, recaning. Our specialty is repairing & regluing. Free estimates. Pick-up & Del. 534-0113
HAROLD RICHARDSON - Furniture repair & refinishing. Stripping. Free estimates. 421-3614
96 Garages
GARAGE DOORS
REPAIRED OR REPLACED. Electric operators. 356-4570
MIKE RASHID
Bring your best deal to us & we'll beat it! Garage doors, operators, siding & remodeling. 1 year guarantee. 477-5452
99 Gutters
MOSER GUTTER SERVICE. Gutters cleaned, repaired, & installed. Overhang and trim. Licensed and insured. Free estimates. 474-3357
SEAMLESS
Aluminum Gutters
CUSTOM SIDING & TRIM
L. J. RODGERS
Home Improvements
399-1203
HUNTINGTON WOODS
102 Handyman
ALL TYPES OF HOME REPAIR. Remodeling, Painting, Cement & Carpentry. Free Est. 348-7506
GENERAL HANDYMAN. Carpentry, Plumbing, Painting. Small work, Reasonable. 655-0631
HANDYMAN. Experienced in electrical, plumbing, tiling, misc. 455-4153
MORE ADS
ON
NEXT PAGE
O&E
